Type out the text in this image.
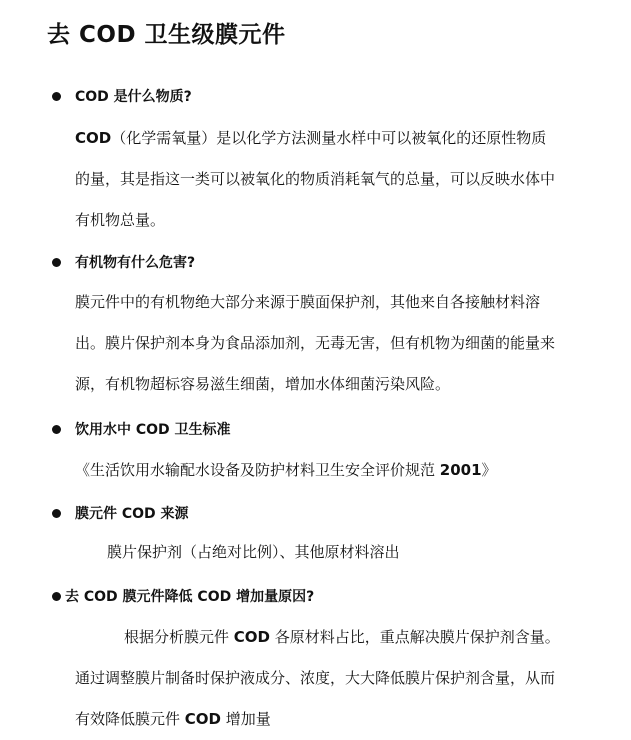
去 COD 卫生级膜元件
COD 是什么物质?
COD（化学需氧量）是以化学方法测量水样中可以被氧化的还原性物质
的量，其是指这一类可以被氧化的物质消耗氧气的总量，可以反映水体中
有机物总量。
有机物有什么危害?
膜元件中的有机物绝大部分来源于膜面保护剂，其他来自各接触材料溶
出。膜片保护剂本身为食品添加剂，无毒无害，但有机物为细菌的能量来
源，有机物超标容易滋生细菌，增加水体细菌污染风险。
饮用水中 COD 卫生标准
《生活饮用水输配水设备及防护材料卫生安全评价规范 2001》
膜元件 COD 来源
膜片保护剂（占绝对比例）、其他原材料溶出
去 COD 膜元件降低 COD 增加量原因?
根据分析膜元件 COD 各原材料占比，重点解决膜片保护剂含量。
通过调整膜片制备时保护液成分、浓度，大大降低膜片保护剂含量，从而
有效降低膜元件 COD 增加量
